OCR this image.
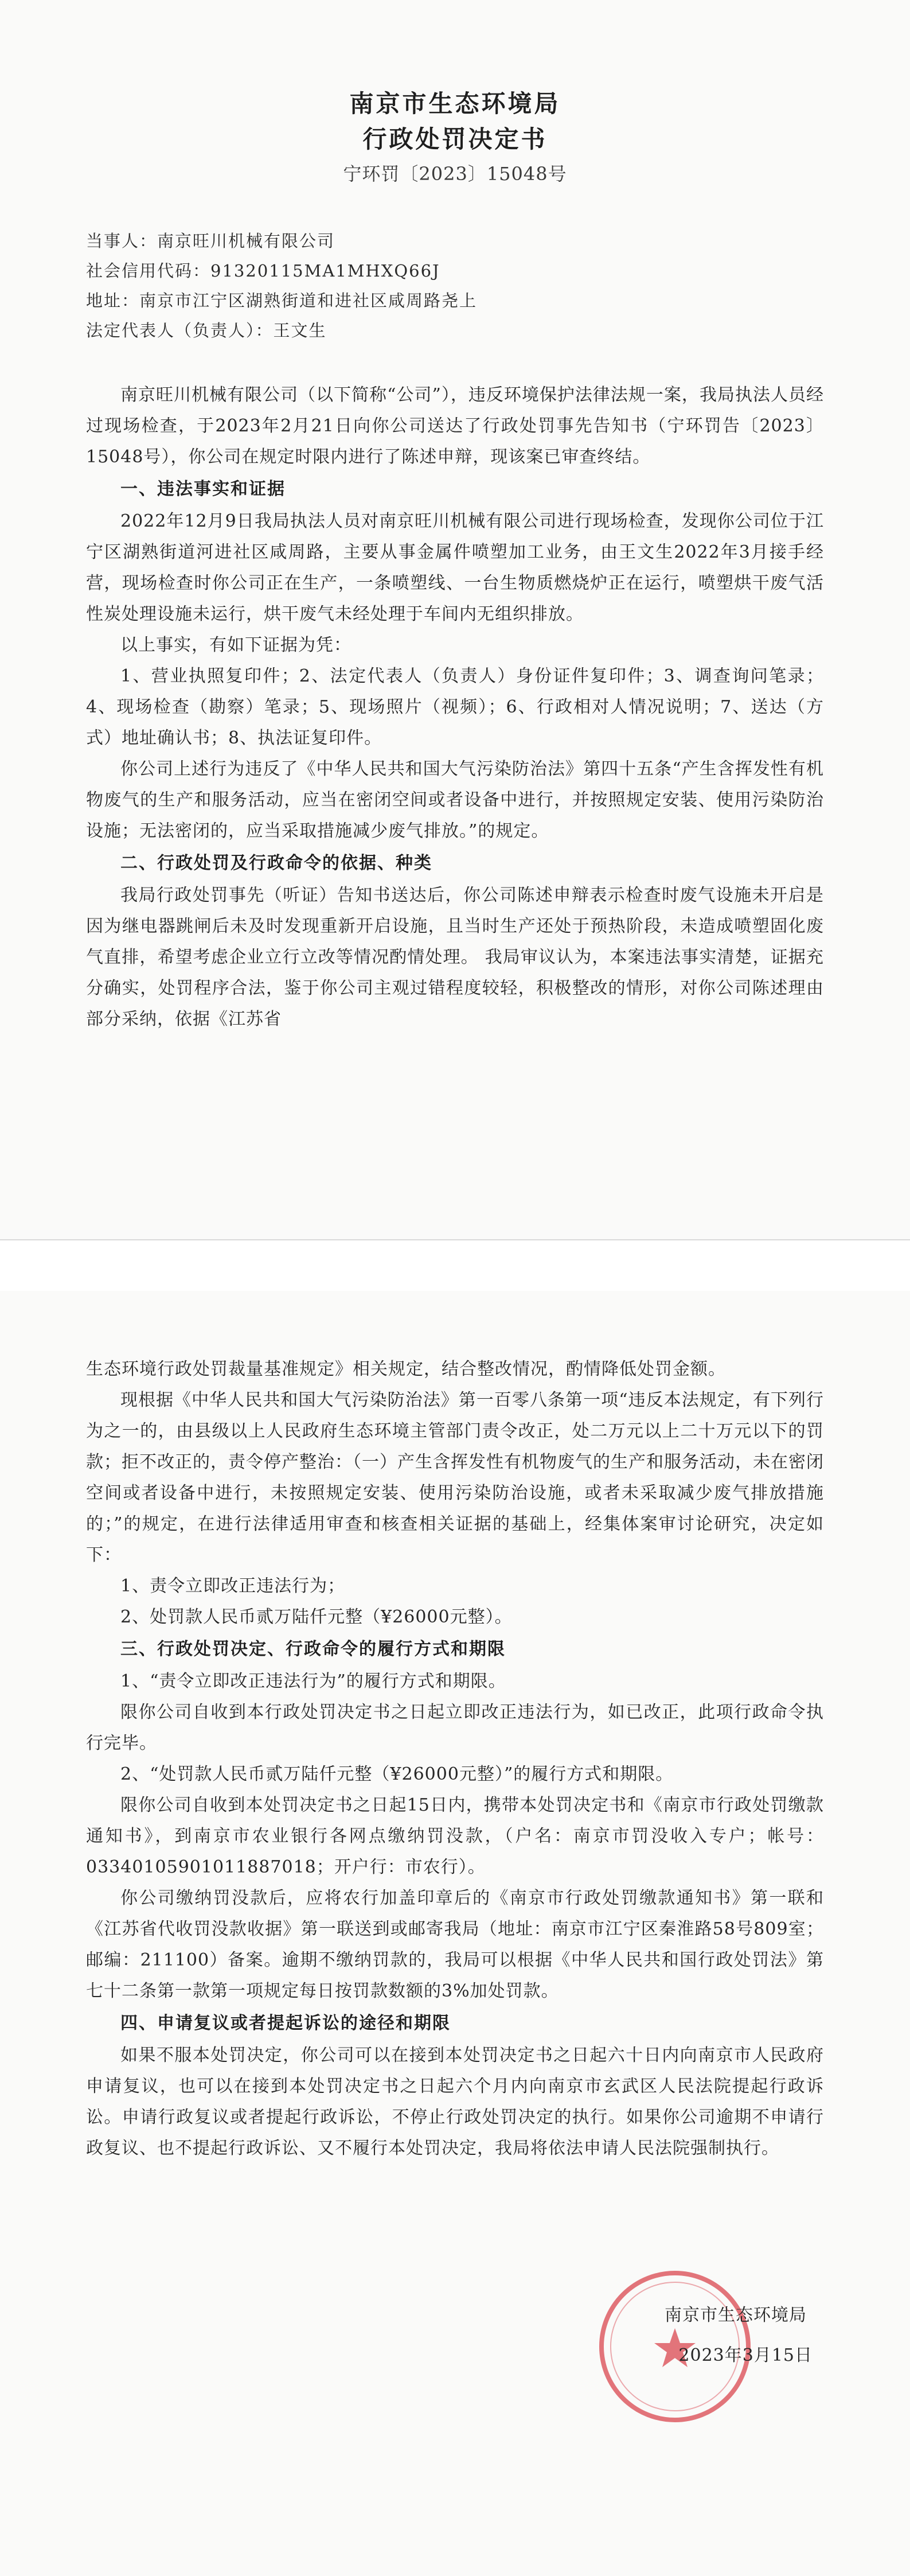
南京市生态环境局
行政处罚决定书
宁环罚〔2023〕15048号
当事人：南京旺川机械有限公司
社会信用代码：91320115MA1MHXQ66J
地址：南京市江宁区湖熟街道和进社区咸周路尧上
法定代表人（负责人）：王文生

南京旺川机械有限公司（以下简称“公司”），违反环境保护法律法规一案，我局执法人员经过现场检查，于2023年2月21日向你公司送达了行政处罚事先告知书（宁环罚告〔2023〕15048号），你公司在规定时限内进行了陈述申辩，现该案已审查终结。

一、违法事实和证据

2022年12月9日我局执法人员对南京旺川机械有限公司进行现场检查，发现你公司位于江宁区湖熟街道河进社区咸周路，主要从事金属件喷塑加工业务，由王文生2022年3月接手经营，现场检查时你公司正在生产，一条喷塑线、一台生物质燃烧炉正在运行，喷塑烘干废气活性炭处理设施未运行，烘干废气未经处理于车间内无组织排放。

以上事实，有如下证据为凭：

1、营业执照复印件；2、法定代表人（负责人）身份证件复印件；3、调查询问笔录；4、现场检查（勘察）笔录；5、现场照片（视频）；6、行政相对人情况说明；7、送达（方式）地址确认书；8、执法证复印件。

你公司上述行为违反了《中华人民共和国大气污染防治法》第四十五条“产生含挥发性有机物废气的生产和服务活动，应当在密闭空间或者设备中进行，并按照规定安装、使用污染防治设施；无法密闭的，应当采取措施减少废气排放。”的规定。

二、行政处罚及行政命令的依据、种类

我局行政处罚事先（听证）告知书送达后，你公司陈述申辩表示检查时废气设施未开启是因为继电器跳闸后未及时发现重新开启设施，且当时生产还处于预热阶段，未造成喷塑固化废气直排，希望考虑企业立行立改等情况酌情处理。 我局审议认为，本案违法事实清楚，证据充分确实，处罚程序合法，鉴于你公司主观过错程度较轻，积极整改的情形，对你公司陈述理由部分采纳，依据《江苏省

生态环境行政处罚裁量基准规定》相关规定，结合整改情况，酌情降低处罚金额。

现根据《中华人民共和国大气污染防治法》第一百零八条第一项“违反本法规定，有下列行为之一的，由县级以上人民政府生态环境主管部门责令改正，处二万元以上二十万元以下的罚款；拒不改正的，责令停产整治：（一）产生含挥发性有机物废气的生产和服务活动，未在密闭空间或者设备中进行，未按照规定安装、使用污染防治设施，或者未采取减少废气排放措施的；”的规定，在进行法律适用审查和核查相关证据的基础上，经集体案审讨论研究，决定如下：

1、责令立即改正违法行为；

2、处罚款人民币贰万陆仟元整（¥26000元整）。

三、行政处罚决定、行政命令的履行方式和期限

1、“责令立即改正违法行为”的履行方式和期限。

限你公司自收到本行政处罚决定书之日起立即改正违法行为，如已改正，此项行政命令执行完毕。

2、“处罚款人民币贰万陆仟元整（¥26000元整）”的履行方式和期限。

限你公司自收到本处罚决定书之日起15日内，携带本处罚决定书和《南京市行政处罚缴款通知书》，到南京市农业银行各网点缴纳罚没款，（户名：南京市罚没收入专户；帐号：03340105901011887018；开户行：市农行）。

你公司缴纳罚没款后，应将农行加盖印章后的《南京市行政处罚缴款通知书》第一联和《江苏省代收罚没款收据》第一联送到或邮寄我局（地址：南京市江宁区秦淮路58号809室；邮编：211100）备案。逾期不缴纳罚款的，我局可以根据《中华人民共和国行政处罚法》第七十二条第一款第一项规定每日按罚款数额的3%加处罚款。

四、申请复议或者提起诉讼的途径和期限

如果不服本处罚决定，你公司可以在接到本处罚决定书之日起六十日内向南京市人民政府申请复议，也可以在接到本处罚决定书之日起六个月内向南京市玄武区人民法院提起行政诉讼。申请行政复议或者提起行政诉讼，不停止行政处罚决定的执行。如果你公司逾期不申请行政复议、也不提起行政诉讼、又不履行本处罚决定，我局将依法申请人民法院强制执行。

南京市生态环境局
2023年3月15日
